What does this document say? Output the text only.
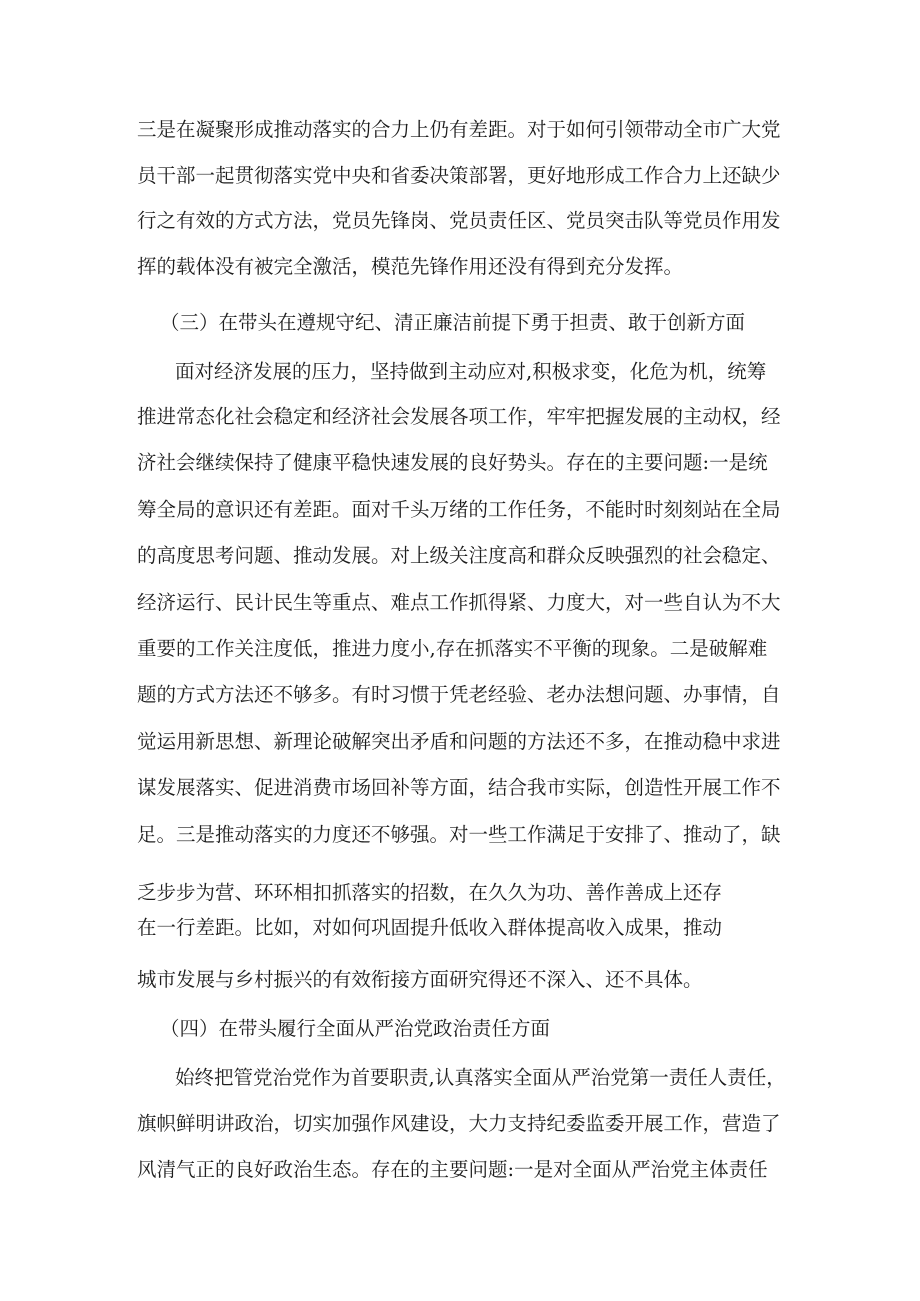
三是在凝聚形成推动落实的合力上仍有差距。对于如何引领带动全市广大党

员干部一起贯彻落实党中央和省委决策部署，更好地形成工作合力上还缺少

行之有效的方式方法，党员先锋岗、党员责任区、党员突击队等党员作用发

挥的载体没有被完全激活，模范先锋作用还没有得到充分发挥。

（三）在带头在遵规守纪、清正廉洁前提下勇于担责、敢于创新方面

面对经济发展的压力，坚持做到主动应对,积极求变，化危为机，统筹

推进常态化社会稳定和经济社会发展各项工作，牢牢把握发展的主动权，经

济社会继续保持了健康平稳快速发展的良好势头。存在的主要问题:一是统

筹全局的意识还有差距。面对千头万绪的工作任务，不能时时刻刻站在全局

的高度思考问题、推动发展。对上级关注度高和群众反映强烈的社会稳定、

经济运行、民计民生等重点、难点工作抓得紧、力度大，对一些自认为不大

重要的工作关注度低，推进力度小,存在抓落实不平衡的现象。二是破解难

题的方式方法还不够多。有时习惯于凭老经验、老办法想问题、办事情，自

觉运用新思想、新理论破解突出矛盾和问题的方法还不多，在推动稳中求进

谋发展落实、促进消费市场回补等方面，结合我市实际，创造性开展工作不

足。三是推动落实的力度还不够强。对一些工作满足于安排了、推动了，缺

乏步步为营、环环相扣抓落实的招数，在久久为功、善作善成上还存

在一行差距。比如，对如何巩固提升低收入群体提高收入成果，推动

城市发展与乡村振兴的有效衔接方面研究得还不深入、还不具体。

（四）在带头履行全面从严治党政治责任方面

始终把管党治党作为首要职责,认真落实全面从严治党第一责任人责任，

旗帜鲜明讲政治，切实加强作风建设，大力支持纪委监委开展工作，营造了

风清气正的良好政治生态。存在的主要问题:一是对全面从严治党主体责任
